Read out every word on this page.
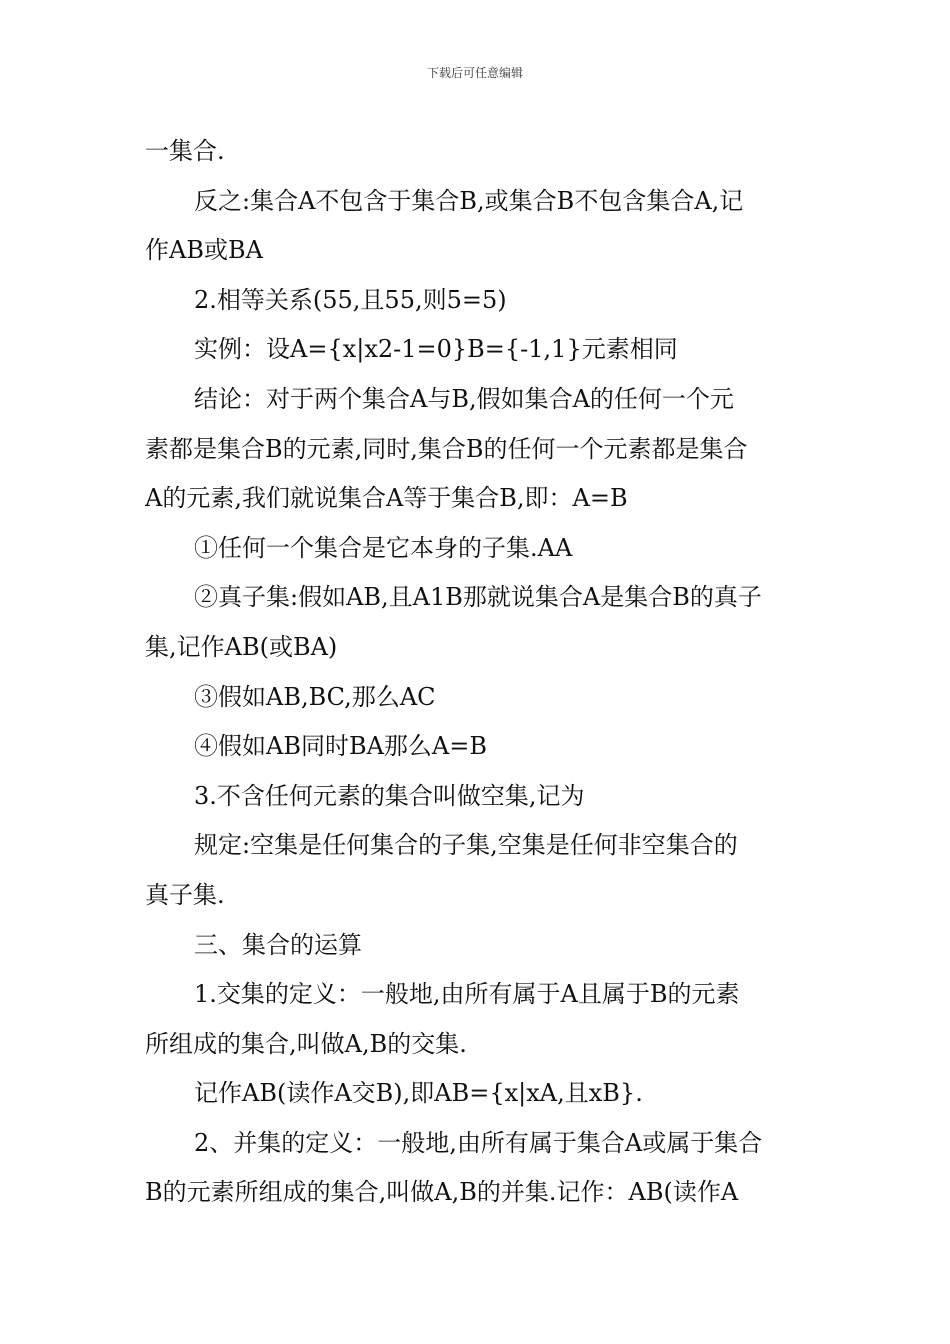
下载后可任意编辑

一集合.

反之:集合A不包含于集合B,或集合B不包含集合A,记

作AB或BA

2.相等关系(55,且55,则5=5)

实例：设A={x|x2-1=0}B={-1,1}元素相同

结论：对于两个集合A与B,假如集合A的任何一个元

素都是集合B的元素,同时,集合B的任何一个元素都是集合

A的元素,我们就说集合A等于集合B,即：A=B

①任何一个集合是它本身的子集.AA

②真子集:假如AB,且A1B那就说集合A是集合B的真子

集,记作AB(或BA)

③假如AB,BC,那么AC

④假如AB同时BA那么A=B

3.不含任何元素的集合叫做空集,记为

规定:空集是任何集合的子集,空集是任何非空集合的

真子集.

三、集合的运算

1.交集的定义：一般地,由所有属于A且属于B的元素

所组成的集合,叫做A,B的交集.

记作AB(读作A交B),即AB={x|xA,且xB}.

2、并集的定义：一般地,由所有属于集合A或属于集合

B的元素所组成的集合,叫做A,B的并集.记作：AB(读作A
